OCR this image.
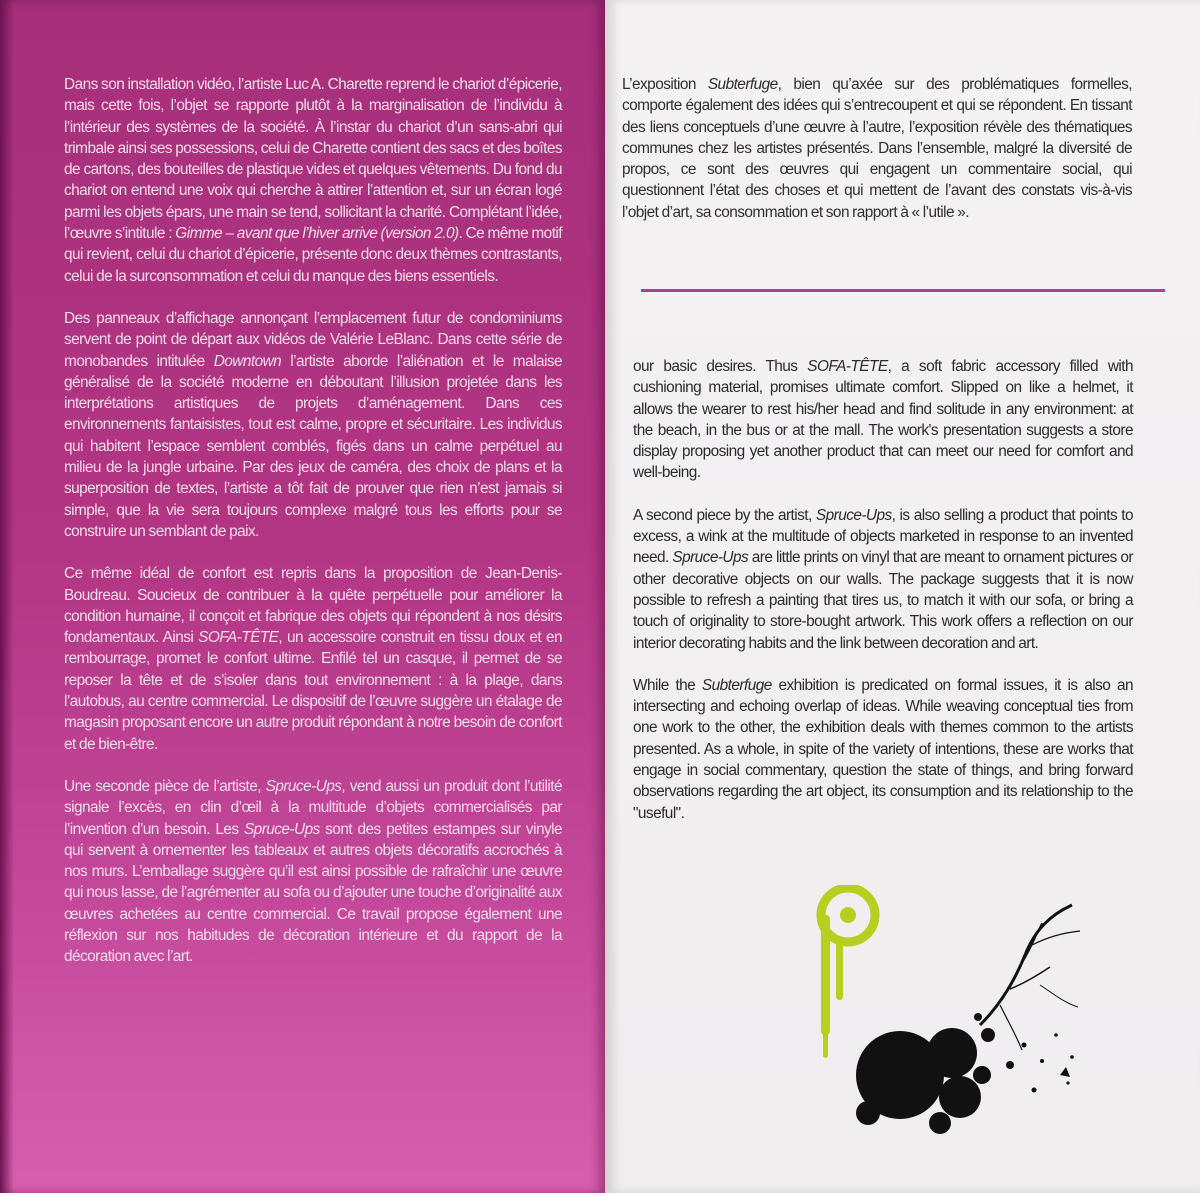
Dans son installation vidéo, l’artiste Luc A. Charette reprend le chariot d’épicerie, mais cette fois, l’objet se rapporte plutôt à la marginalisation de l’individu à l’intérieur des systèmes de la société. À l’instar du chariot d’un sans-abri qui trimbale ainsi ses possessions, celui de Charette contient des sacs et des boîtes de cartons, des bouteilles de plastique vides et quelques vêtements. Du fond du chariot on entend une voix qui cherche à attirer l’attention et, sur un écran logé parmi les objets épars, une main se tend, sollicitant la charité. Complétant l’idée, l’œuvre s’intitule : Gimme – avant que l’hiver arrive (version 2.0). Ce même motif qui revient, celui du chariot d’épicerie, présente donc deux thèmes contrastants, celui de la surconsommation et celui du manque des biens essentiels.

Des panneaux d’affichage annonçant l’emplacement futur de condominiums servent de point de départ aux vidéos de Valérie LeBlanc. Dans cette série de monobandes intitulée Downtown l’artiste aborde l’aliénation et le malaise généralisé de la société moderne en déboutant l’illusion projetée dans les interprétations artistiques de projets d’aménagement. Dans ces environnements fantaisistes, tout est calme, propre et sécuritaire. Les individus qui habitent l’espace semblent comblés, figés dans un calme perpétuel au milieu de la jungle urbaine. Par des jeux de caméra, des choix de plans et la superposition de textes, l’artiste a tôt fait de prouver que rien n’est jamais si simple, que la vie sera toujours complexe malgré tous les efforts pour se construire un semblant de paix.

Ce même idéal de confort est repris dans la proposition de Jean-Denis-Boudreau. Soucieux de contribuer à la quête perpétuelle pour améliorer la condition humaine, il conçoit et fabrique des objets qui répondent à nos désirs fondamentaux. Ainsi SOFA-TÊTE, un accessoire construit en tissu doux et en rembourrage, promet le confort ultime. Enfilé tel un casque, il permet de se reposer la tête et de s’isoler dans tout environnement : à la plage, dans l’autobus, au centre commercial. Le dispositif de l’œuvre suggère un étalage de magasin proposant encore un autre produit répondant à notre besoin de confort et de bien-être.

Une seconde pièce de l’artiste, Spruce-Ups, vend aussi un produit dont l’utilité signale l’excès, en clin d’œil à la multitude d’objets commercialisés par l’invention d’un besoin. Les Spruce-Ups sont des petites estampes sur vinyle qui servent à ornementer les tableaux et autres objets décoratifs accrochés à nos murs. L’emballage suggère qu’il est ainsi possible de rafraîchir une œuvre qui nous lasse, de l’agrémenter au sofa ou d’ajouter une touche d’originalité aux œuvres achetées au centre commercial. Ce travail propose également une réflexion sur nos habitudes de décoration intérieure et du rapport de la décoration avec l’art.

L’exposition Subterfuge, bien qu’axée sur des problématiques formelles, comporte également des idées qui s’entrecoupent et qui se répondent. En tissant des liens conceptuels d’une œuvre à l’autre, l’exposition révèle des thématiques communes chez les artistes présentés. Dans l’ensemble, malgré la diversité de propos, ce sont des œuvres qui engagent un commentaire social, qui questionnent l’état des choses et qui mettent de l’avant des constats vis-à-vis l’objet d’art, sa consommation et son rapport à « l’utile ».

our basic desires. Thus SOFA-TÊTE, a soft fabric accessory filled with cushioning material, promises ultimate comfort. Slipped on like a helmet, it allows the wearer to rest his/her head and find solitude in any environment: at the beach, in the bus or at the mall. The work's presentation suggests a store display proposing yet another product that can meet our need for comfort and well-being.

A second piece by the artist, Spruce-Ups, is also selling a product that points to excess, a wink at the multitude of objects marketed in response to an invented need. Spruce-Ups are little prints on vinyl that are meant to ornament pictures or other decorative objects on our walls. The package suggests that it is now possible to refresh a painting that tires us, to match it with our sofa, or bring a touch of originality to store-bought artwork. This work offers a reflection on our interior decorating habits and the link between decoration and art.

While the Subterfuge exhibition is predicated on formal issues, it is also an intersecting and echoing overlap of ideas. While weaving conceptual ties from one work to the other, the exhibition deals with themes common to the artists presented. As a whole, in spite of the variety of intentions, these are works that engage in social commentary, question the state of things, and bring forward observations regarding the art object, its consumption and its relationship to the "useful".
